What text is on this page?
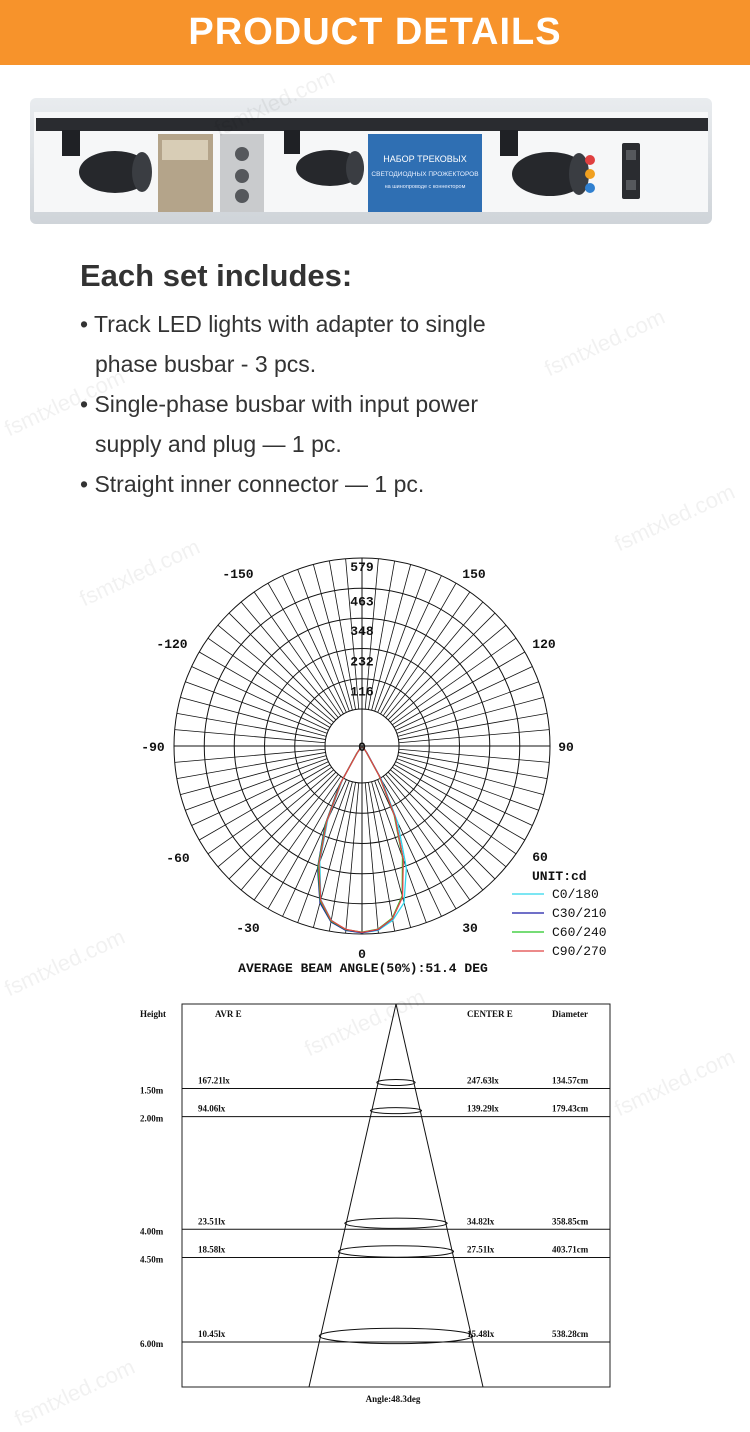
PRODUCT DETAILS
НАБОР ТРЕКОВЫХ
СВЕТОДИОДНЫХ ПРОЖЕКТОРОВ
на шинопроводе с коннектором
Each set includes:
• Track LED lights with adapter to single
phase busbar - 3 pcs.
• Single-phase busbar with input power
supply and plug — 1 pc.
• Straight inner connector — 1 pc.
0
116
232
348
463
579
0
-150
-120
-90
-60
-30
150
120
90
60
30
UNIT:cd
C0/180
C30/210
C60/240
C90/270
AVERAGE BEAM ANGLE(50%):51.4 DEG
Height	AVR E	CENTER E	Diameter
Angle:48.3deg
1.50m
167.21lx	247.63lx	134.57cm
2.00m
94.06lx	139.29lx	179.43cm
4.00m
23.51lx	34.82lx	358.85cm
4.50m
18.58lx	27.51lx	403.71cm
6.00m
10.45lx	15.48lx	538.28cm
fsmtxled.com
fsmtxled.com
fsmtxled.com
fsmtxled.com
fsmtxled.com
fsmtxled.com
fsmtxled.com
fsmtxled.com
